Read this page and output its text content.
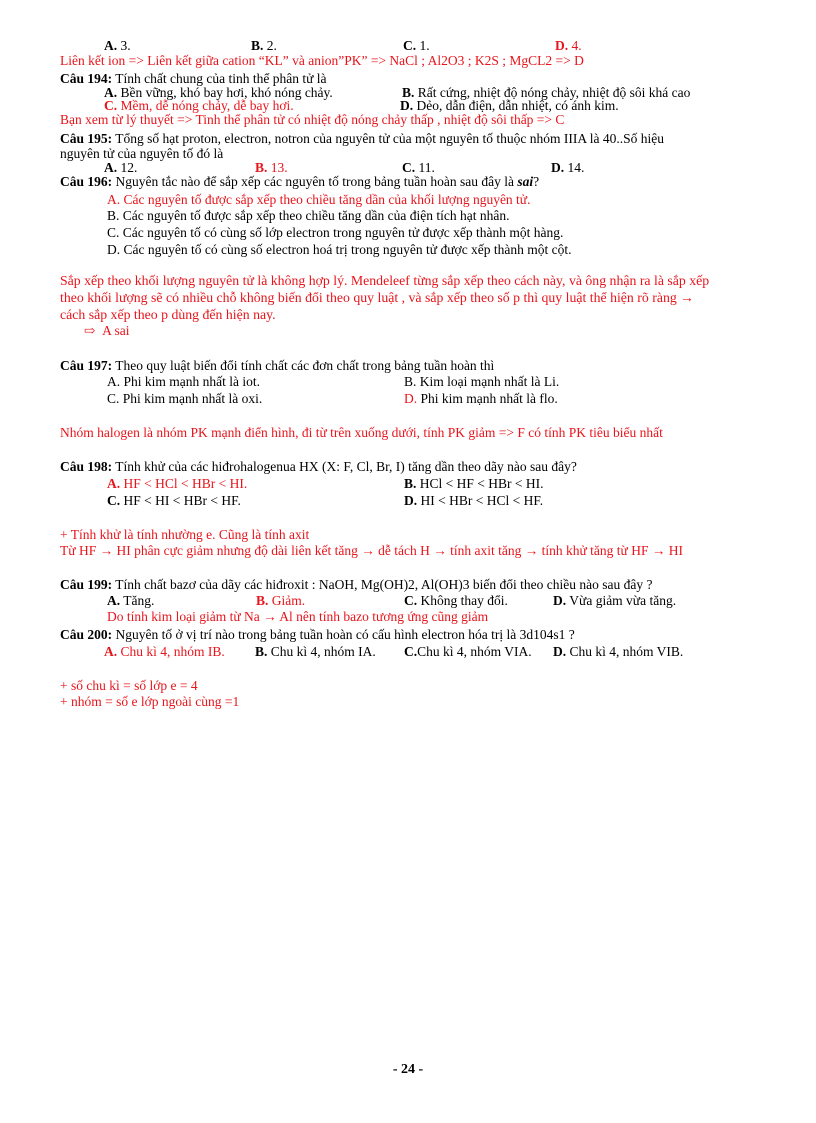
A. 3.	B. 2.	C. 1.	D. 4.
Liên kết ion => Liên kết giữa cation “KL” và anion”PK” => NaCl ; Al2O3 ; K2S ; MgCL2 => D
Câu 194: Tính chất chung của tinh thể phân tử là
A. Bền vững, khó bay hơi, khó nóng chảy.	B. Rất cứng, nhiệt độ nóng chảy, nhiệt độ sôi khá cao
C. Mềm, dễ nóng chảy, dễ bay hơi.	D. Dẻo, dẫn điện, dẫn nhiệt, có ánh kim.
Bạn xem từ lý thuyết => Tinh thể phân tử có nhiệt độ nóng chảy thấp , nhiệt độ sôi thấp => C
Câu 195: Tổng số hạt proton, electron, notron của nguyên tử của một nguyên tố thuộc nhóm IIIA là 40..Số hiệu
nguyên tử của nguyên tố đó là
A. 12.	B. 13.	C. 11.	D. 14.
Câu 196: Nguyên tắc nào để sắp xếp các nguyên tố trong bảng tuần hoàn sau đây là sai?
A. Các nguyên tố được sắp xếp theo chiều tăng dần của khối lượng nguyên tử.
B. Các nguyên tố được sắp xếp theo chiều tăng dần của điện tích hạt nhân.
C. Các nguyên tố có cùng số lớp electron trong nguyên tử được xếp thành một hàng.
D. Các nguyên tố có cùng số electron hoá trị trong nguyên tử được xếp thành một cột.
Sắp xếp theo khối lượng nguyên tử là không hợp lý. Mendeleef từng sắp xếp theo cách này, và ông nhận ra là sắp xếp
theo khối lượng sẽ có nhiều chỗ không biến đổi theo quy luật , và sắp xếp theo số p thì quy luật thể hiện rõ ràng →
cách sắp xếp theo p dùng đến hiện nay.
⇨ A sai
Câu 197: Theo quy luật biến đổi tính chất các đơn chất trong bảng tuần hoàn thì
A. Phi kim mạnh nhất là iot.	B. Kim loại mạnh nhất là Li.
C. Phi kim mạnh nhất là oxi.	D. Phi kim mạnh nhất là flo.
Nhóm halogen là nhóm PK mạnh điển hình, đi từ trên xuống dưới, tính PK giảm => F có tính PK tiêu biểu nhất
Câu 198: Tính khử của các hiđrohalogenua HX (X: F, Cl, Br, I) tăng dần theo dãy nào sau đây?
A. HF < HCl < HBr < HI.	B. HCl < HF < HBr < HI.
C. HF < HI < HBr < HF.	D. HI < HBr < HCl < HF.
+ Tính khử là tính nhường e. Cũng là tính axit
Từ HF → HI phân cực giảm nhưng độ dài liên kết tăng → dễ tách H → tính axit tăng → tính khử tăng từ HF → HI
Câu 199: Tính chất bazơ của dãy các hiđroxit : NaOH, Mg(OH)2, Al(OH)3 biến đổi theo chiều nào sau đây ?
A. Tăng.	B. Giảm.	C. Không thay đổi.	D. Vừa giảm vừa tăng.
Do tính kim loại giảm từ Na → Al nên tính bazo tương ứng cũng giảm
Câu 200: Nguyên tố ở vị trí nào trong bảng tuần hoàn có cấu hình electron hóa trị là 3d104s1 ?
A. Chu kì 4, nhóm IB. B. Chu kì 4, nhóm IA. C.Chu kì 4, nhóm VIA. D. Chu kì 4, nhóm VIB.
+ số chu kì = số lớp e = 4
+ nhóm = số e lớp ngoài cùng =1
- 24 -
